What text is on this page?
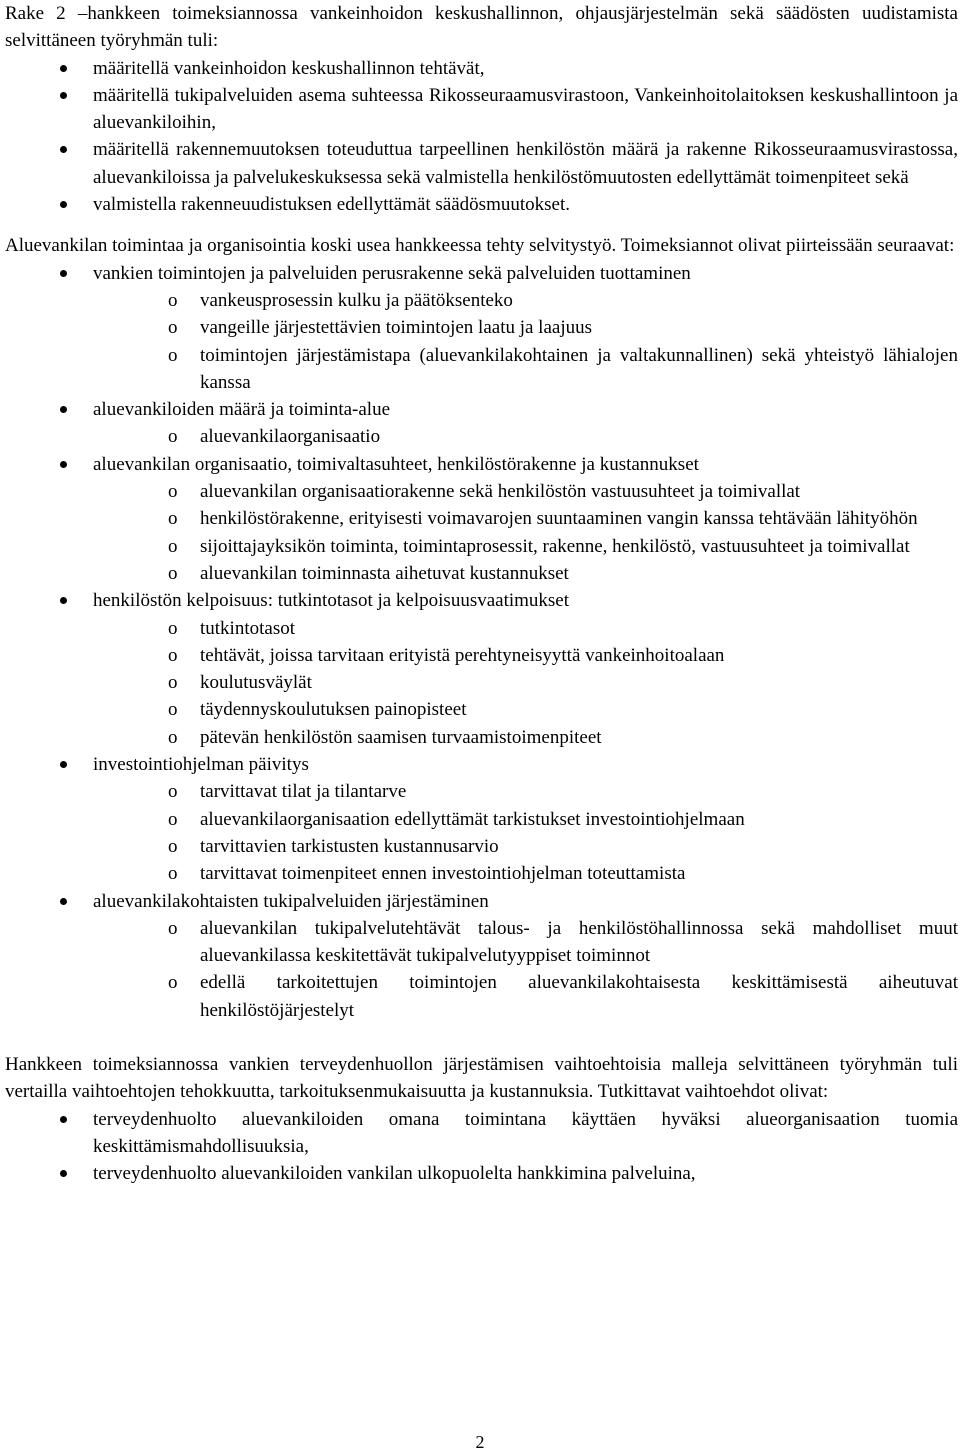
Rake 2 –hankkeen toimeksiannossa vankeinhoidon keskushallinnon, ohjausjärjestelmän sekä säädösten uudistamista selvittäneen työryhmän tuli:

määritellä vankeinhoidon keskushallinnon tehtävät,
määritellä tukipalveluiden asema suhteessa Rikosseuraamusvirastoon, Vankeinhoitolaitoksen keskushallintoon ja aluevankiloihin,
määritellä rakennemuutoksen toteuduttua tarpeellinen henkilöstön määrä ja rakenne Rikosseuraamusvirastossa, aluevankiloissa ja palvelukeskuksessa sekä valmistella henkilöstömuutosten edellyttämät toimenpiteet sekä
valmistella rakenneuudistuksen edellyttämät säädösmuutokset.

Aluevankilan toimintaa ja organisointia koski usea hankkeessa tehty selvitystyö. Toimeksiannot olivat piirteissään seuraavat:

vankien toimintojen ja palveluiden perusrakenne sekä palveluiden tuottaminen
o vankeusprosessin kulku ja päätöksenteko
o vangeille järjestettävien toimintojen laatu ja laajuus
o toimintojen järjestämistapa (aluevankilakohtainen ja valtakunnallinen) sekä yhteistyö lähialojen kanssa
aluevankiloiden määrä ja toiminta-alue
o aluevankilaorganisaatio
aluevankilan organisaatio, toimivaltasuhteet, henkilöstörakenne ja kustannukset
o aluevankilan organisaatiorakenne sekä henkilöstön vastuusuhteet ja toimivallat
o henkilöstörakenne, erityisesti voimavarojen suuntaaminen vangin kanssa tehtävään lähityöhön
o sijoittajayksikön toiminta, toimintaprosessit, rakenne, henkilöstö, vastuusuhteet ja toimivallat
o aluevankilan toiminnasta aihetuvat kustannukset
henkilöstön kelpoisuus: tutkintotasot ja kelpoisuusvaatimukset
o tutkintotasot
o tehtävät, joissa tarvitaan erityistä perehtyneisyyttä vankeinhoitoalaan
o koulutusväylät
o täydennyskoulutuksen painopisteet
o pätevän henkilöstön saamisen turvaamistoimenpiteet
investointiohjelman päivitys
o tarvittavat tilat ja tilantarve
o aluevankilaorganisaation edellyttämät tarkistukset investointiohjelmaan
o tarvittavien tarkistusten kustannusarvio
o tarvittavat toimenpiteet ennen investointiohjelman toteuttamista
aluevankilakohtaisten tukipalveluiden järjestäminen
o aluevankilan tukipalvelutehtävät talous- ja henkilöstöhallinnossa sekä mahdolliset muut aluevankilassa keskitettävät tukipalvelutyyppiset toiminnot
o edellä tarkoitettujen toimintojen aluevankilakohtaisesta keskittämisestä aiheutuvat henkilöstöjärjestelyt

Hankkeen toimeksiannossa vankien terveydenhuollon järjestämisen vaihtoehtoisia malleja selvittäneen työryhmän tuli vertailla vaihtoehtojen tehokkuutta, tarkoituksenmukaisuutta ja kustannuksia. Tutkittavat vaihtoehdot olivat:

terveydenhuolto aluevankiloiden omana toimintana käyttäen hyväksi alueorganisaation tuomia keskittämismahdollisuuksia,
terveydenhuolto aluevankiloiden vankilan ulkopuolelta hankkimina palveluina,
2
